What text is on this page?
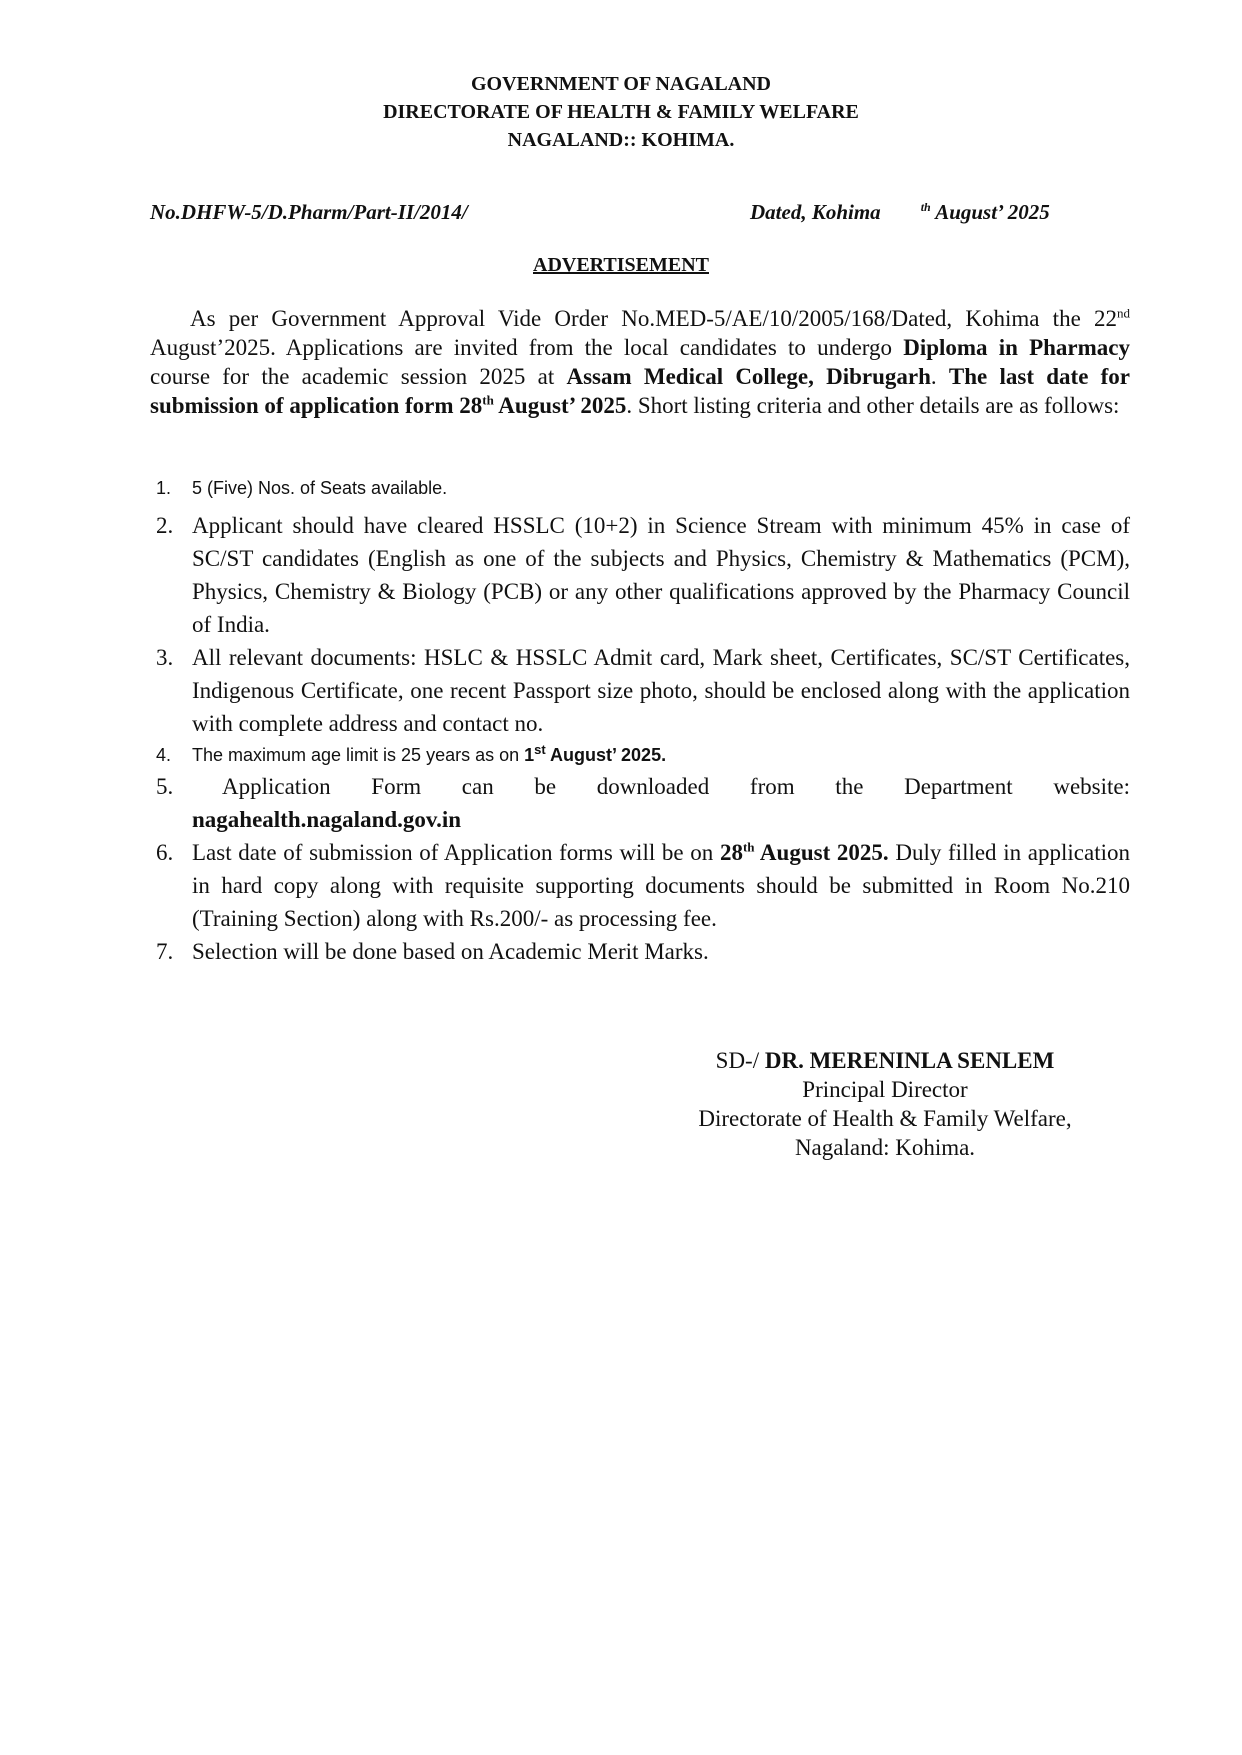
GOVERNMENT OF NAGALAND
DIRECTORATE OF HEALTH & FAMILY WELFARE
NAGALAND:: KOHIMA.
No.DHFW-5/D.Pharm/Part-II/2014/	Dated, Kohima	$^{th}$ August’ 2025
ADVERTISEMENT

As per Government Approval Vide Order No.MED-5/AE/10/2005/168/Dated, Kohima the 22nd August’2025. Applications are invited from the local candidates to undergo Diploma in Pharmacy course for the academic session 2025 at Assam Medical College, Dibrugarh. The last date for submission of application form 28th August’ 2025. Short listing criteria and other details are as follows:

1. 5 (Five) Nos. of Seats available.
2. Applicant should have cleared HSSLC (10+2) in Science Stream with minimum 45% in case of SC/ST candidates (English as one of the subjects and Physics, Chemistry & Mathematics (PCM), Physics, Chemistry & Biology (PCB) or any other qualifications approved by the Pharmacy Council of India.
3. All relevant documents: HSLC & HSSLC Admit card, Mark sheet, Certificates, SC/ST Certificates, Indigenous Certificate, one recent Passport size photo, should be enclosed along with the application with complete address and contact no.
4. The maximum age limit is 25 years as on 1st August’ 2025.
5.	Application Form can be downloaded from the Department website:
nagahealth.nagaland.gov.in
6. Last date of submission of Application forms will be on 28th August 2025. Duly filled in application in hard copy along with requisite supporting documents should be submitted in Room No.210 (Training Section) along with Rs.200/- as processing fee.
7. Selection will be done based on Academic Merit Marks.
SD-/ DR. MERENINLA SENLEM
Principal Director
Directorate of Health & Family Welfare,
Nagaland: Kohima.
